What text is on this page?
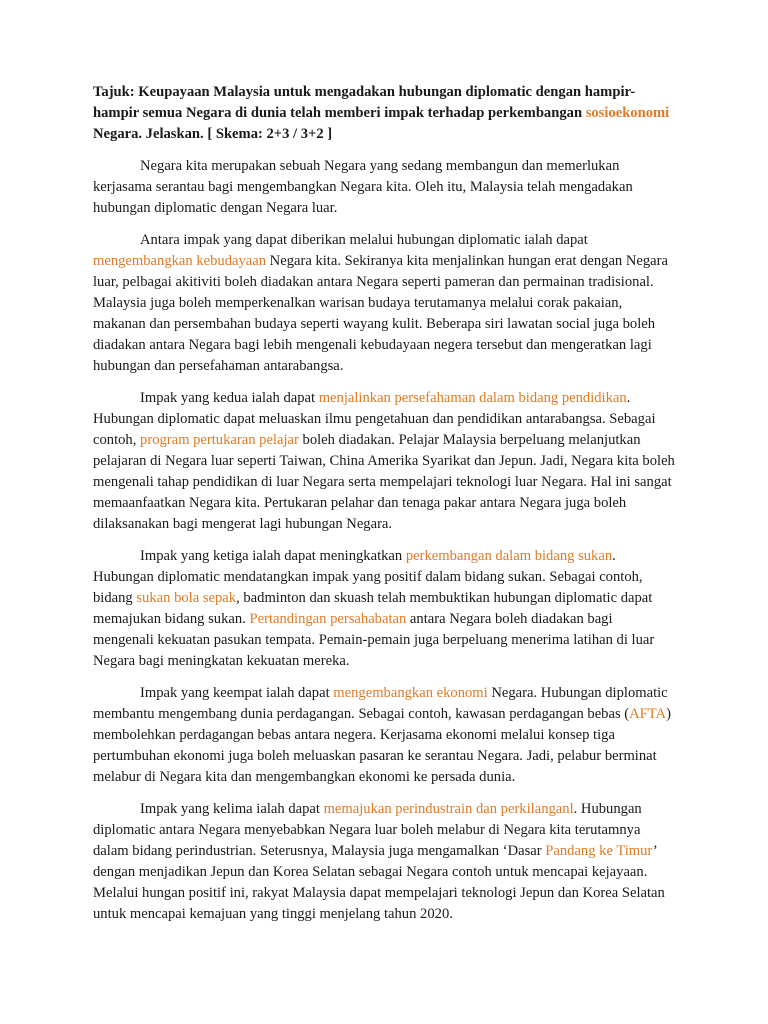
Tajuk: Keupayaan Malaysia untuk mengadakan hubungan diplomatic dengan hampir-hampir semua Negara di dunia telah memberi impak terhadap perkembangan sosioekonomi Negara. Jelaskan. [ Skema: 2+3 / 3+2 ]

Negara kita merupakan sebuah Negara yang sedang membangun dan memerlukan kerjasama serantau bagi mengembangkan Negara kita. Oleh itu, Malaysia telah mengadakan hubungan diplomatic dengan Negara luar.

Antara impak yang dapat diberikan melalui hubungan diplomatic ialah dapat mengembangkan kebudayaan Negara kita. Sekiranya kita menjalinkan hungan erat dengan Negara luar, pelbagai akitiviti boleh diadakan antara Negara seperti pameran dan permainan tradisional. Malaysia juga boleh memperkenalkan warisan budaya terutamanya melalui corak pakaian, makanan dan persembahan budaya seperti wayang kulit. Beberapa siri lawatan social juga boleh diadakan antara Negara bagi lebih mengenali kebudayaan negera tersebut dan mengeratkan lagi hubungan dan persefahaman antarabangsa.

Impak yang kedua ialah dapat menjalinkan persefahaman dalam bidang pendidikan. Hubungan diplomatic dapat meluaskan ilmu pengetahuan dan pendidikan antarabangsa. Sebagai contoh, program pertukaran pelajar boleh diadakan. Pelajar Malaysia berpeluang melanjutkan pelajaran di Negara luar seperti Taiwan, China Amerika Syarikat dan Jepun. Jadi, Negara kita boleh mengenali tahap pendidikan di luar Negara serta mempelajari teknologi luar Negara. Hal ini sangat memaanfaatkan Negara kita. Pertukaran pelahar dan tenaga pakar antara Negara juga boleh dilaksanakan bagi mengerat lagi hubungan Negara.

Impak yang ketiga ialah dapat meningkatkan perkembangan dalam bidang sukan. Hubungan diplomatic mendatangkan impak yang positif dalam bidang sukan. Sebagai contoh, bidang sukan bola sepak, badminton dan skuash telah membuktikan hubungan diplomatic dapat memajukan bidang sukan. Pertandingan persahabatan antara Negara boleh diadakan bagi mengenali kekuatan pasukan tempata. Pemain-pemain juga berpeluang menerima latihan di luar Negara bagi meningkatan kekuatan mereka.

Impak yang keempat ialah dapat mengembangkan ekonomi Negara. Hubungan diplomatic membantu mengembang dunia perdagangan. Sebagai contoh, kawasan perdagangan bebas (AFTA) membolehkan perdagangan bebas antara negera. Kerjasama ekonomi melalui konsep tiga pertumbuhan ekonomi juga boleh meluaskan pasaran ke serantau Negara. Jadi, pelabur berminat melabur di Negara kita dan mengembangkan ekonomi ke persada dunia.

Impak yang kelima ialah dapat memajukan perindustrain dan perkilanganl. Hubungan diplomatic antara Negara menyebabkan Negara luar boleh melabur di Negara kita terutamnya dalam bidang perindustrian. Seterusnya, Malaysia juga mengamalkan ‘Dasar Pandang ke Timur’ dengan menjadikan Jepun dan Korea Selatan sebagai Negara contoh untuk mencapai kejayaan. Melalui hungan positif ini, rakyat Malaysia dapat mempelajari teknologi Jepun dan Korea Selatan untuk mencapai kemajuan yang tinggi menjelang tahun 2020.
